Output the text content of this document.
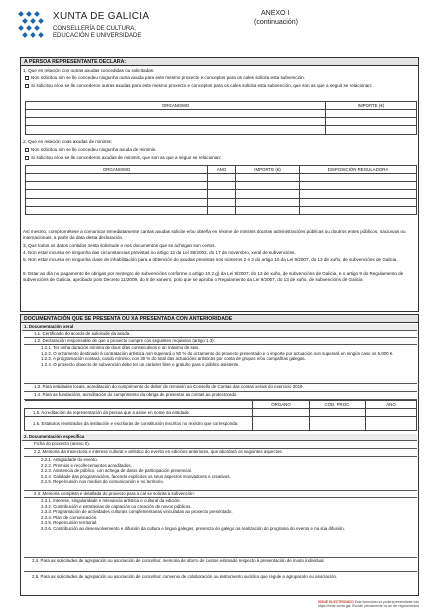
XUNTA DE GALICIA
CONSELLERÍA DE CULTURA,
EDUCACIÓN E UNIVERSIDADE
ANEXO I
(continuación)
A PERSOA REPRESENTANTE DECLARA:
1. Que en relación con outras axudas concedidas ou solicitadas:
Non solicitou nin se lle concedeu ningunha outra axuda para este mesmo proxecto e conceptos para os cales solicita esta subvención.
Si solicitou e/ou se lle concederon outras axudas para este mesmo proxecto e conceptos para os cales solicita esta subvención, que son as que a seguir se relacionan:
ORGANISMO	IMPORTE (€)

2. Que en relación coas axudas de minimis:
Non solicitou nin se lle concedeu ningunha axuda de minimis.
Si solicitou e/ou se lle concederon axudas de minimis, que son as que a seguir se relacionan:
ORGANISMO	ANO	IMPORTE (€)	DISPOSICIÓN REGULADORA

Así mesmo, comprométese a comunicar inmediatamente cantas axudas solicite e/ou obteña en réxime de minimis doutras administracións públicas ou doutros entes públicos, nacionais ou internacionais, a partir da data desta declaración.
3. Que todos os datos contidos nesta solicitude e nos documentos que se achegan son certos.
4. Non estar incursa en ningunha das circunstancias previstas no artigo 13 da Lei 38/2003, do 17 de novembro, xeral de subvencións.
5. Non estar incursa en ningunha clase de inhabilitación para a obtención de axudas previstas nos números 2 e 3 do artigo 10 da Lei 9/2007, do 13 de xuño, de subvencións de Galicia.
6. Estar ao día no pagamento de obrigas por reintegro de subvencións conforme o artigo 10.2.g) da Lei 9/2007, do 13 de xuño, de subvencións de Galicia, e o artigo 9 do Regulamento de subvencións de Galicia, aprobado polo Decreto 11/2009, do 8 de xaneiro, polo que se aproba o Regulamento da Lei 9/2007, do 13 de xuño, de subvencións de Galicia
DOCUMENTACIÓN QUE SE PRESENTA OU XA PRESENTADA CON ANTERIORIDADE
1. Documentación xeral
1.1. Certificado do acordo de solicitude da axuda.
1.2. Declaración responsable de que o proxecto cumpre cos seguintes requisitos (artigo 1.3):
1.2.1. Ter unha duración mínima de dous días consecutivos e un máximo de seis.
1.2.2. O orzamento destinado á contratación artística non superará o 50 % do orzamento do proxecto presentado e o importe por actuación non superará en ningún caso os 5.000 €.
1.2.3. A programación contará, cando mínimo, con 30 % do total das actuacións artísticas por conta de grupos e/ou compañías galegas.
1.2.4. O proxecto obxecto de subvención debe ter un carácter libre e gratuíto para o público asistente.
1.3. Para entidades locais, acreditación do cumprimento do deber de remisión ao Consello de Contas das contas xerais do exercicio 2019.
1.4. Para as fundacións, acreditación do cumprimento da obriga de presentar as contas ao protectorado.
	ÓRGANO	CÓD. PROC.	ANO
1.5. Acreditación da representación da persoa que a asine en nome da entidade.			
1.6. Estatutos rexistrados da institución e escrituras de constitución inscritos no rexistro que corresponda.			
2. Documentación específica
Ficha do proxecto (anexo II).
2.2. Memoria da traxectoria e interese cultural e artístico do evento en edicións anteriores, que abordará os seguintes aspectos:
2.2.1. Antigüidade do evento.
2.2.2. Premios e recoñecementos acreditados.
2.2.3. Asistencia de público, con achega de datos de participación presencial.
2.2.4. Calidade das programacións, facendo explícitos os seus aspectos innovadores e creativos.
2.2.5. Repercusión nos medios de comunicación e no territorio.
2.3. Memoria completa e detallada do proxecto para o cal se solicita a subvención:
2.3.1. Interese, singularidade e relevancia artística e cultural da edición.
2.3.2. Contribución e estratexias de captación ou creación de novos públicos.
2.3.3. Programación de actividades culturais complementarias vinculadas ao proxecto presentado.
2.3.4. Plan de comunicación.
2.3.5. Repercusión territorial.
2.3.6. Contribución ao desenvolvemento e difusión da cultura e lingua galegas, presenza do galego na realización do programa do evento e na súa difusión.
2.4. Para as solicitudes de agrupación ou asociación de concellos: memoria de aforro de custos estimado respecto á presentación de modo individual.
2.5. Para as solicitudes de agrupación ou asociación de concellos: convenio de colaboración ou instrumento xurídico que regule a agrupación ou asociación.
ISSUE ELECTRÓNICO Este formulario só poderá presentarse nas https://sede.xunta.gal. Escolle previamente os ao ver regulamentos
